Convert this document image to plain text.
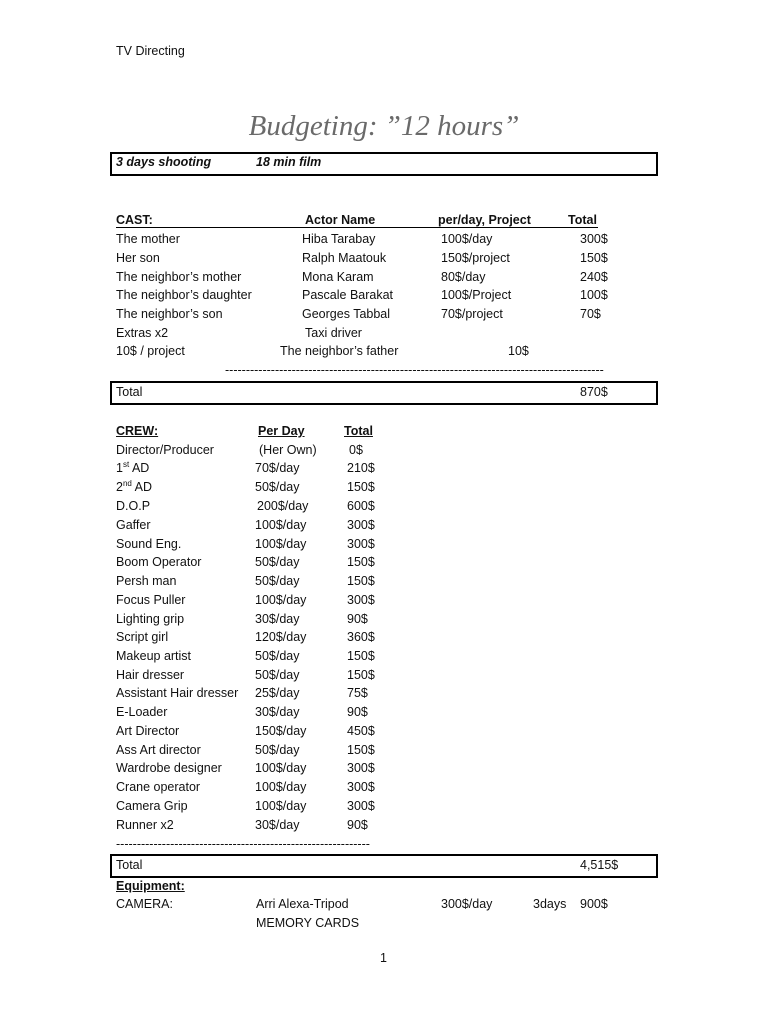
TV Directing
Budgeting: ”12 hours”
3 days shooting	18 min film
CAST:	Actor Name	per/day, Project	Total
The mother	Hiba Tarabay	100$/day	300$
Her son	Ralph Maatouk	150$/project	150$
The neighbor’s mother	Mona Karam	80$/day	240$
The neighbor’s daughter	Pascale Barakat	100$/Project	100$
The neighbor’s son	Georges Tabbal	70$/project	70$
Extras x2	Taxi driver
10$ / project	The neighbor’s father	10$
-------------------------------------------------------------------------------------------
Total	870$
CREW:	Per Day	Total
Director/Producer	(Her Own)	0$
1st AD	70$/day	210$
2nd AD	50$/day	150$
D.O.P	200$/day	600$
Gaffer	100$/day	300$
Sound Eng.	100$/day	300$
Boom Operator	50$/day	150$
Persh man	50$/day	150$
Focus Puller	100$/day	300$
Lighting grip	30$/day	90$
Script girl	120$/day	360$
Makeup artist	50$/day	150$
Hair dresser	50$/day	150$
Assistant Hair dresser 25$/day	75$
E-Loader	30$/day	90$
Art Director	150$/day	450$
Ass Art director	50$/day	150$
Wardrobe designer	100$/day	300$
Crane operator	100$/day	300$
Camera Grip	100$/day	300$
Runner x2	30$/day	90$
-------------------------------------------------------------
Total	4,515$
Equipment:
CAMERA:	Arri Alexa-Tripod	300$/day	3days 900$
MEMORY CARDS
1
